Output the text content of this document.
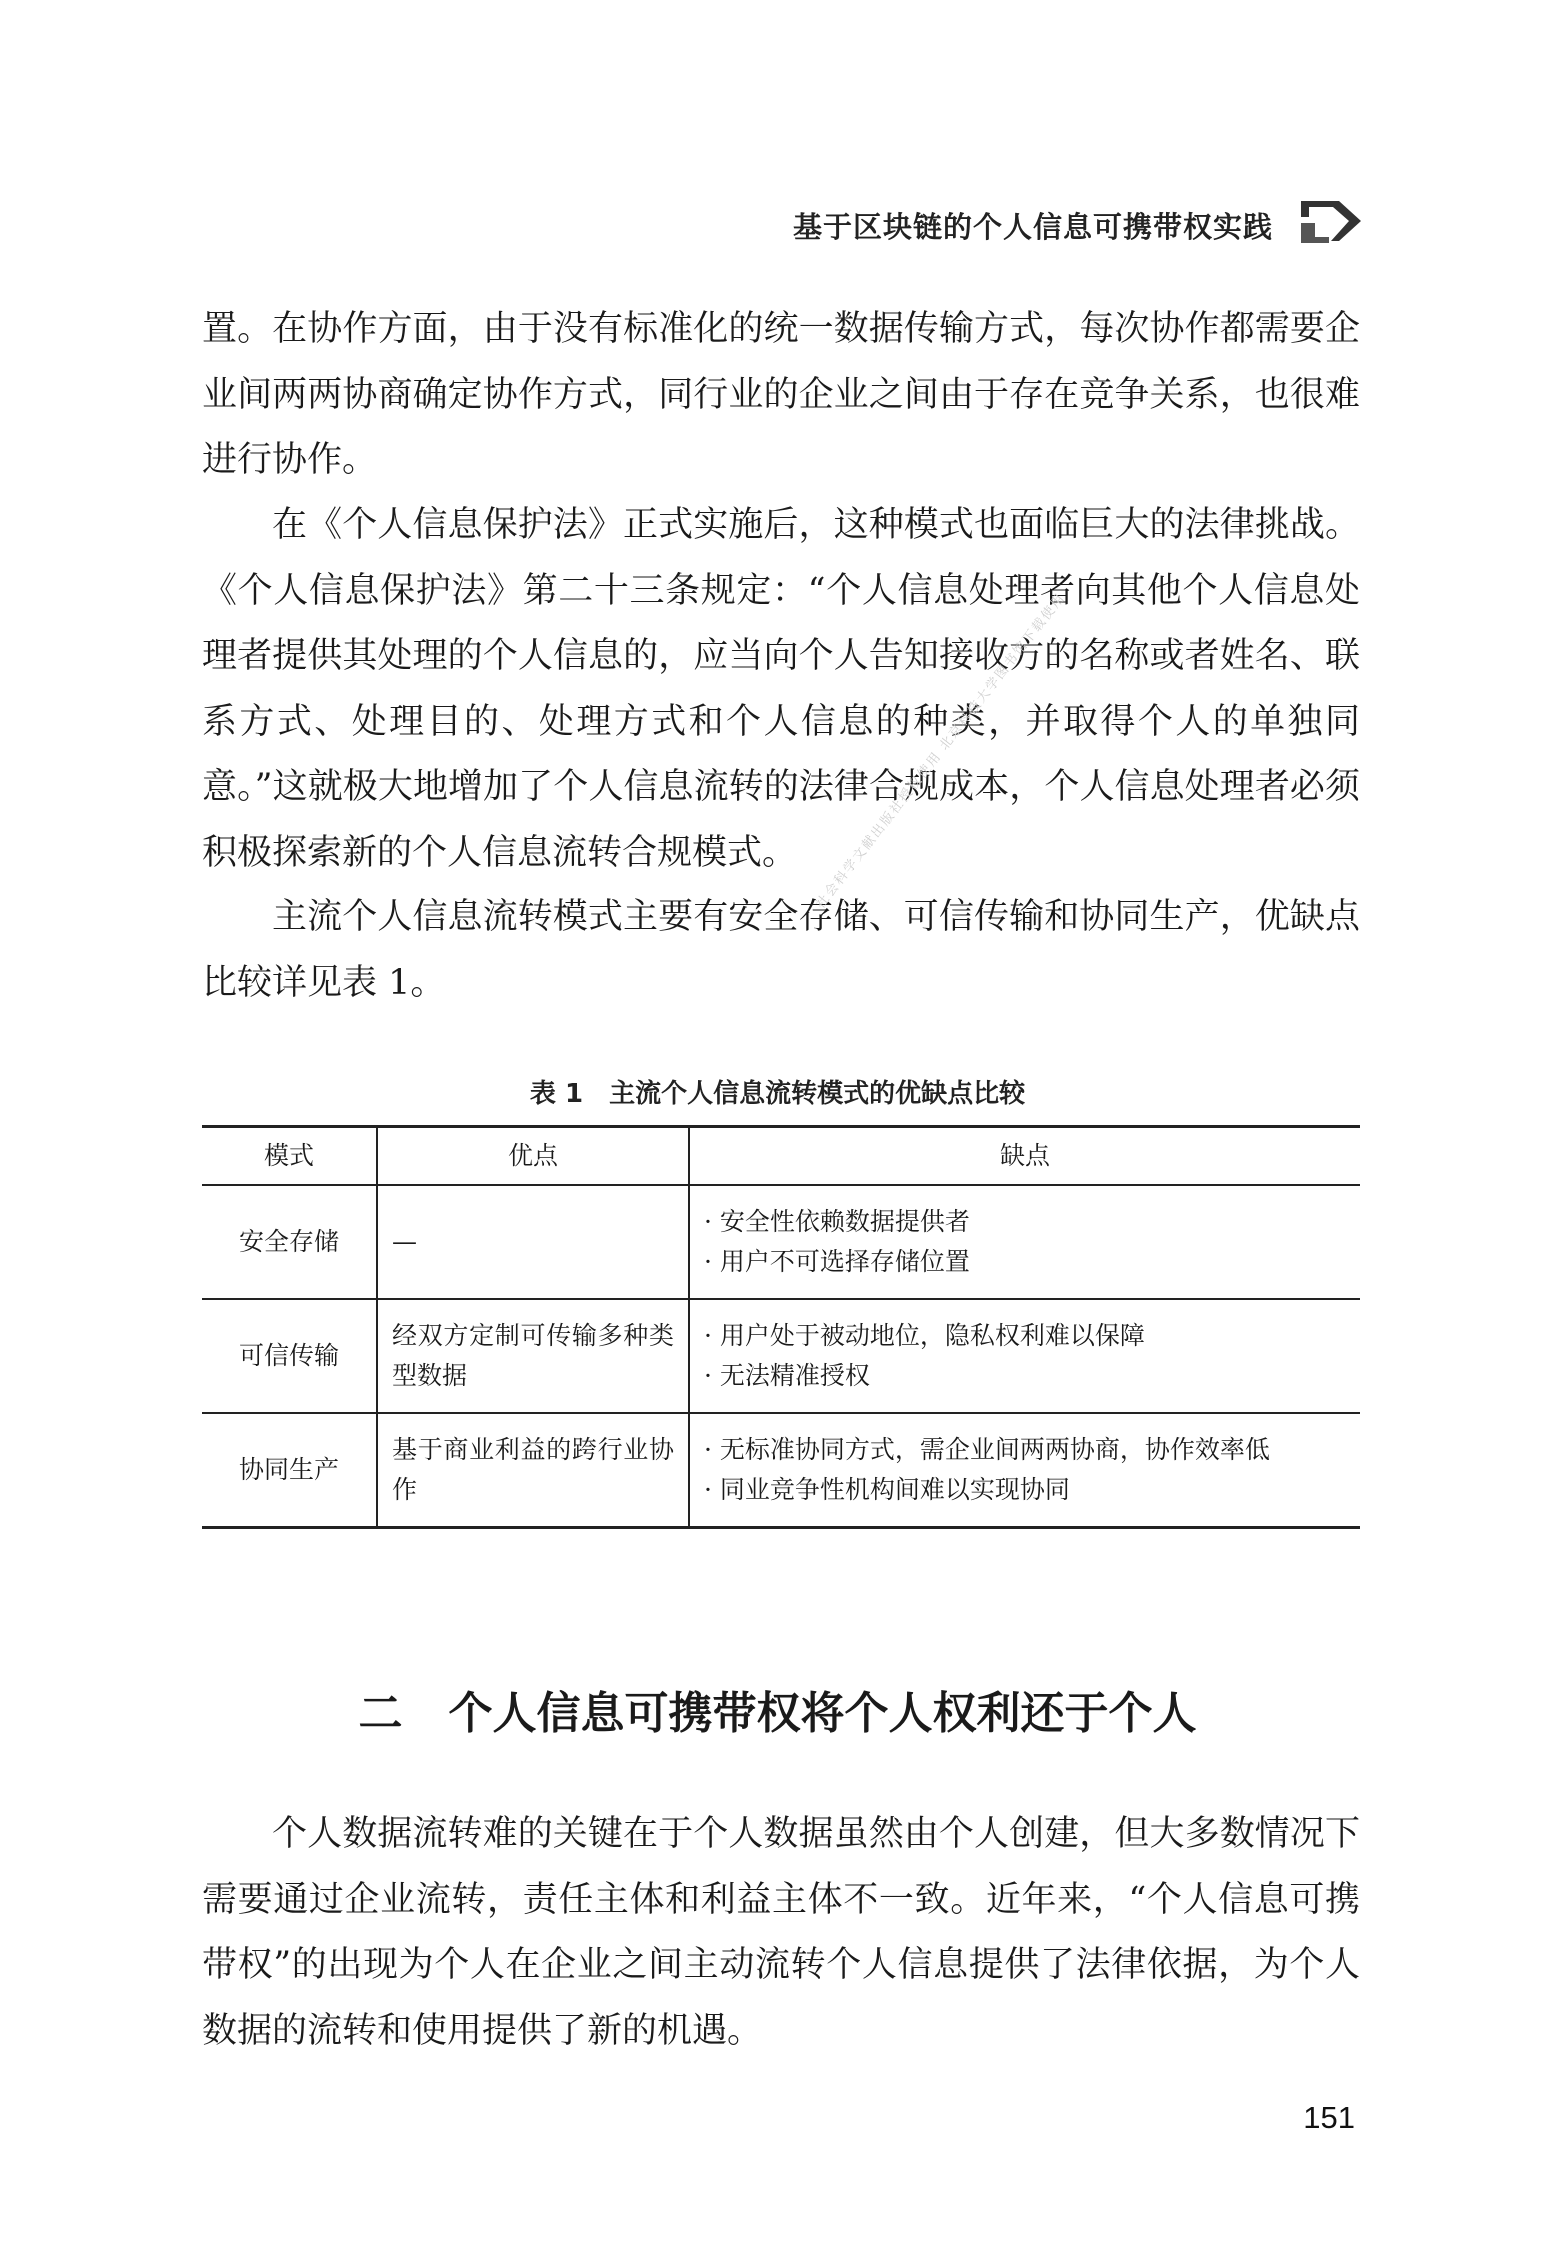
基于区块链的个人信息可携带权实践

置。在协作方面，由于没有标准化的统一数据传输方式，每次协作都需要企业间两两协商确定协作方式，同行业的企业之间由于存在竞争关系，也很难进行协作。

在《个人信息保护法》正式实施后，这种模式也面临巨大的法律挑战。《个人信息保护法》第二十三条规定：“个人信息处理者向其他个人信息处理者提供其处理的个人信息的，应当向个人告知接收方的名称或者姓名、联系方式、处理目的、处理方式和个人信息的种类，并取得个人的单独同意。”这就极大地增加了个人信息流转的法律合规成本，个人信息处理者必须积极探索新的个人信息流转合规模式。

主流个人信息流转模式主要有安全存储、可信传输和协同生产，优缺点比较详见表 1。

表 1 主流个人信息流转模式的优缺点比较
模式	优点	缺点
安全存储	—	· 安全性依赖数据提供者
· 用户不可选择存储位置

可信传输	经双方定制可传输多种类型数据	· 用户处于被动地位，隐私权利难以保障
· 无法精准授权

协同生产	基于商业利益的跨行业协作	· 无标准协同方式，需企业间两两协商，协作效率低
· 同业竞争性机构间难以实现协同
社会科学文献出版社授权使用 北京科技大学图书馆下载使用
二 个人信息可携带权将个人权利还于个人

个人数据流转难的关键在于个人数据虽然由个人创建，但大多数情况下需要通过企业流转，责任主体和利益主体不一致。近年来，“个人信息可携带权”的出现为个人在企业之间主动流转个人信息提供了法律依据，为个人数据的流转和使用提供了新的机遇。

151
